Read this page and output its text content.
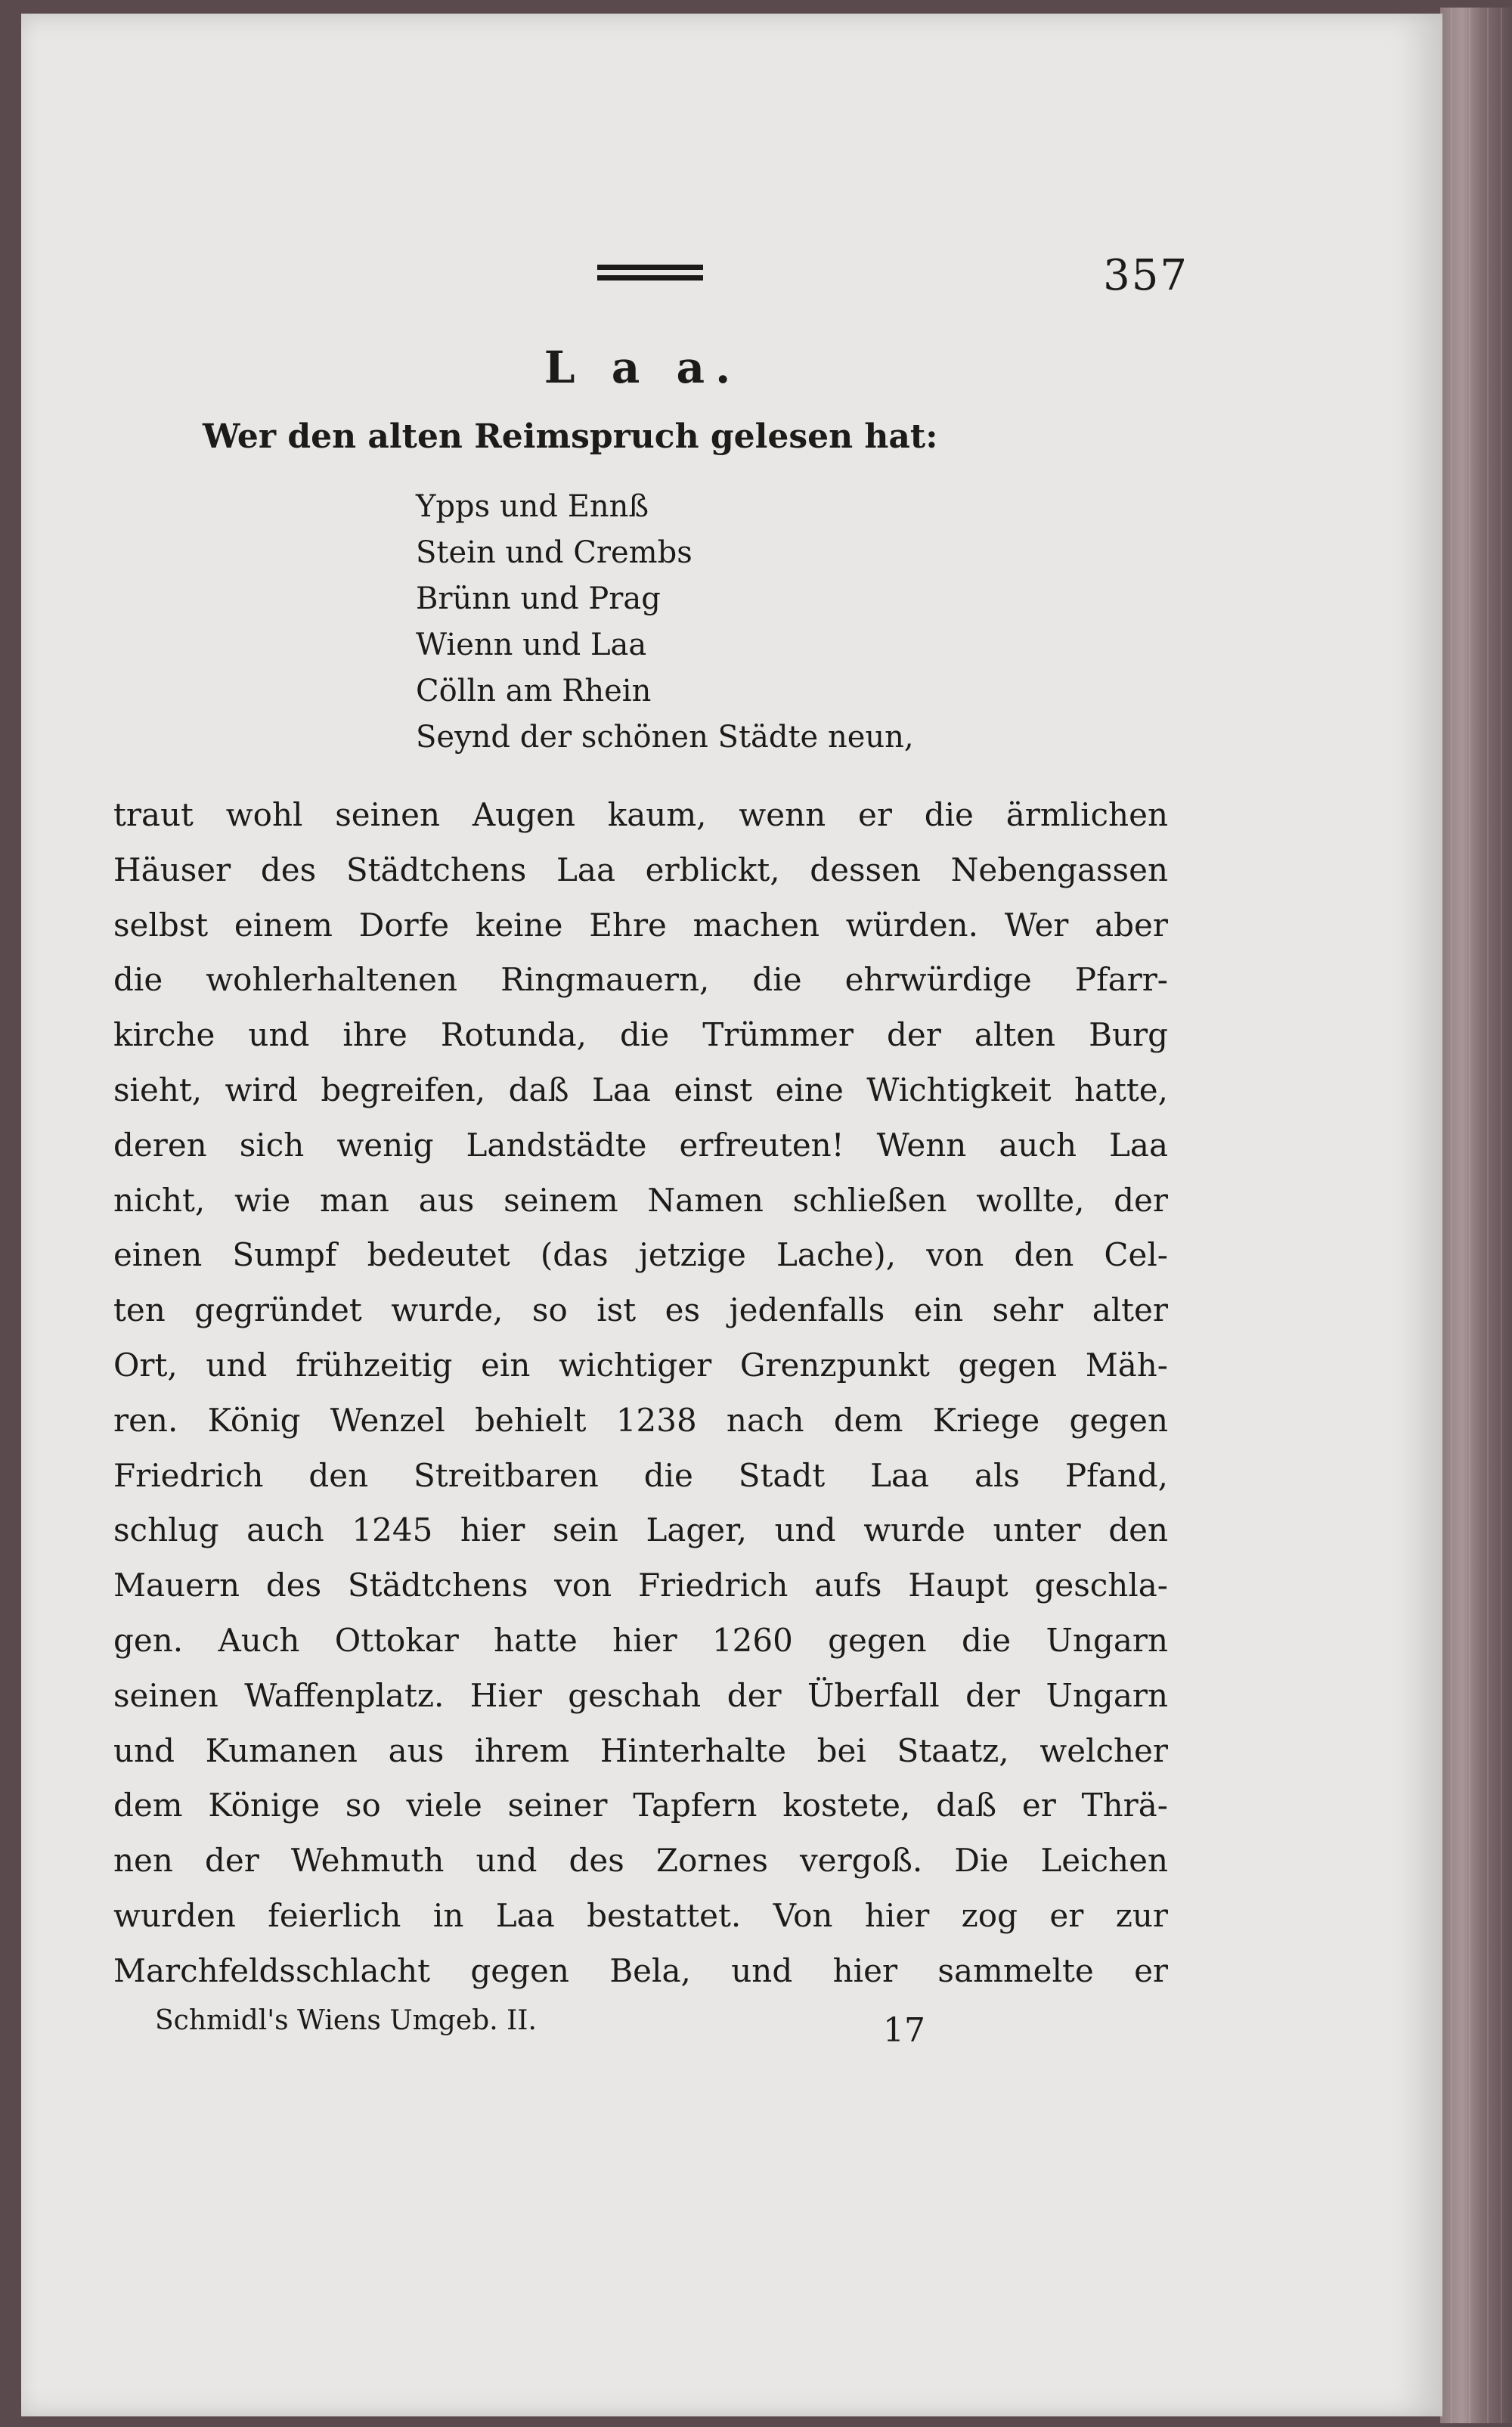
357
L a a.
Wer den alten Reimspruch gelesen hat:
Ypps und Ennß
Stein und Crembs
Brünn und Prag
Wienn und Laa
Cölln am Rhein
Seynd der schönen Städte neun,
traut wohl seinen Augen kaum, wenn er die ärmlichen
Häuser des Städtchens Laa erblickt, dessen Nebengassen
selbst einem Dorfe keine Ehre machen würden. Wer aber
die wohlerhaltenen Ringmauern, die ehrwürdige Pfarr-
kirche und ihre Rotunda, die Trümmer der alten Burg
sieht, wird begreifen, daß Laa einst eine Wichtigkeit hatte,
deren sich wenig Landstädte erfreuten! Wenn auch Laa
nicht, wie man aus seinem Namen schließen wollte, der
einen Sumpf bedeutet (das jetzige Lache), von den Cel-
ten gegründet wurde, so ist es jedenfalls ein sehr alter
Ort, und frühzeitig ein wichtiger Grenzpunkt gegen Mäh-
ren. König Wenzel behielt 1238 nach dem Kriege gegen
Friedrich den Streitbaren die Stadt Laa als Pfand,
schlug auch 1245 hier sein Lager, und wurde unter den
Mauern des Städtchens von Friedrich aufs Haupt geschla-
gen. Auch Ottokar hatte hier 1260 gegen die Ungarn
seinen Waffenplatz. Hier geschah der Überfall der Ungarn
und Kumanen aus ihrem Hinterhalte bei Staatz, welcher
dem Könige so viele seiner Tapfern kostete, daß er Thrä-
nen der Wehmuth und des Zornes vergoß. Die Leichen
wurden feierlich in Laa bestattet. Von hier zog er zur
Marchfeldsschlacht gegen Bela, und hier sammelte er
Schmidl's Wiens Umgeb. II.	17
